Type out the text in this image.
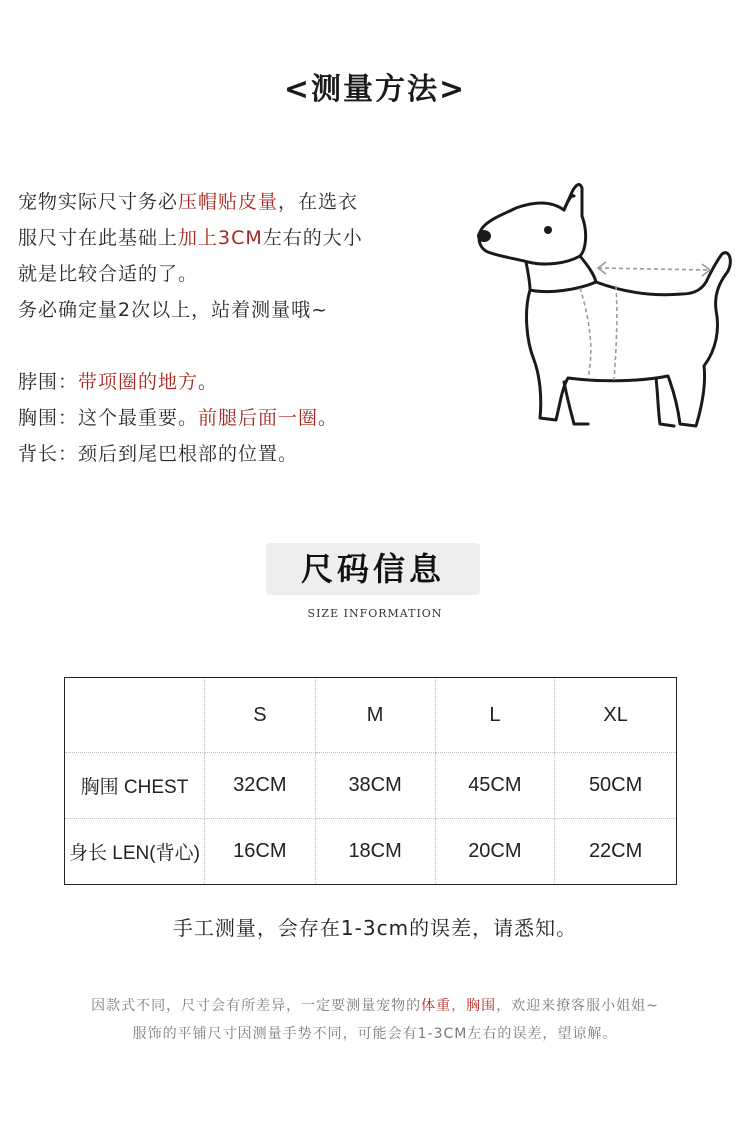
<测量方法>
宠物实际尺寸务必压帽贴皮量，在选衣
服尺寸在此基础上加上3CM左右的大小
就是比较合适的了。
务必确定量2次以上，站着测量哦~
脖围：带项圈的地方。
胸围：这个最重要。前腿后面一圈。
背长：颈后到尾巴根部的位置。
尺码信息
SIZE INFORMATION
	S	M	L	XL
胸围 CHEST	32CM	38CM	45CM	50CM
身长 LEN(背心)	16CM	18CM	20CM	22CM
手工测量，会存在1-3cm的误差，请悉知。
因款式不同，尺寸会有所差异，一定要测量宠物的体重，胸围，欢迎来撩客服小姐姐~
服饰的平铺尺寸因测量手势不同，可能会有1-3CM左右的误差，望谅解。
